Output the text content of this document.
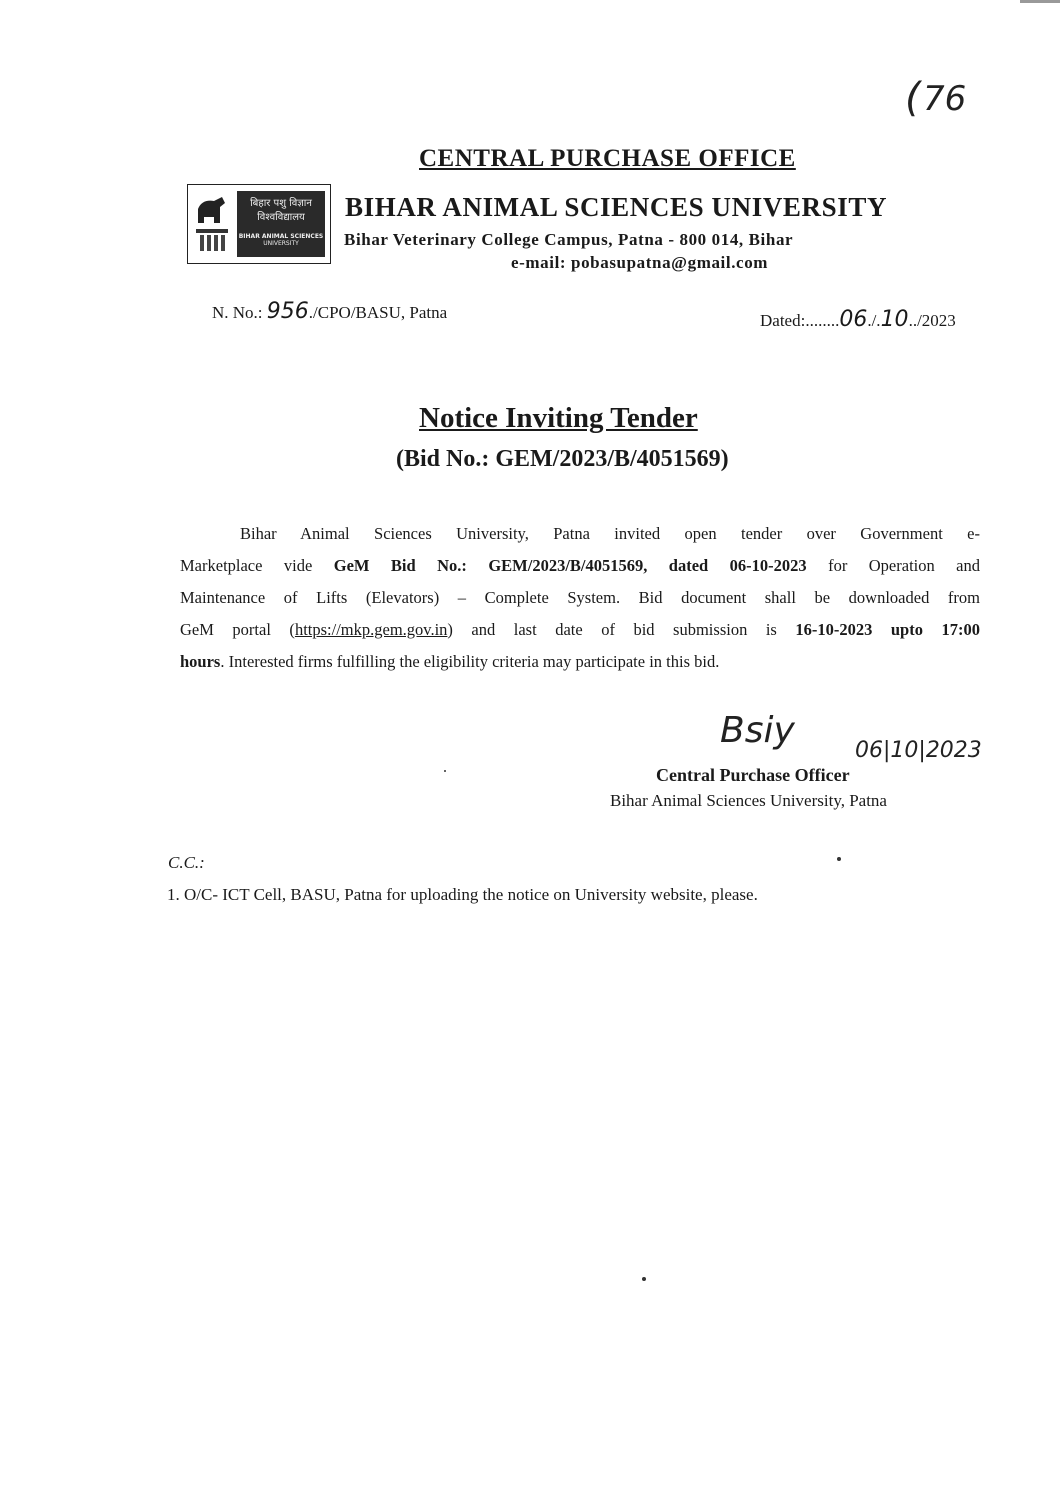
( 76
CENTRAL PURCHASE OFFICE
बिहार पशु विज्ञान
विश्वविद्यालय
BIHAR ANIMAL SCIENCES
UNIVERSITY
BIHAR ANIMAL SCIENCES UNIVERSITY
Bihar Veterinary College Campus, Patna - 800 014, Bihar
e-mail: pobasupatna@gmail.com
N. No.: 956./CPO/BASU, Patna	Dated:........06./.10../2023
Notice Inviting Tender
(Bid No.: GEM/2023/B/4051569)
Bihar Animal Sciences University, Patna invited open tender over Government e-
Marketplace vide GeM Bid No.: GEM/2023/B/4051569, dated 06-10-2023 for Operation and
Maintenance of Lifts (Elevators) – Complete System. Bid document shall be downloaded from
GeM portal (https://mkp.gem.gov.in) and last date of bid submission is 16-10-2023 upto 17:00
hours. Interested firms fulfilling the eligibility criteria may participate in this bid.
Bsiy	06|10|2023
Central Purchase Officer
Bihar Animal Sciences University, Patna
C.C.:
1. O/C- ICT Cell, BASU, Patna for uploading the notice on University website, please.
